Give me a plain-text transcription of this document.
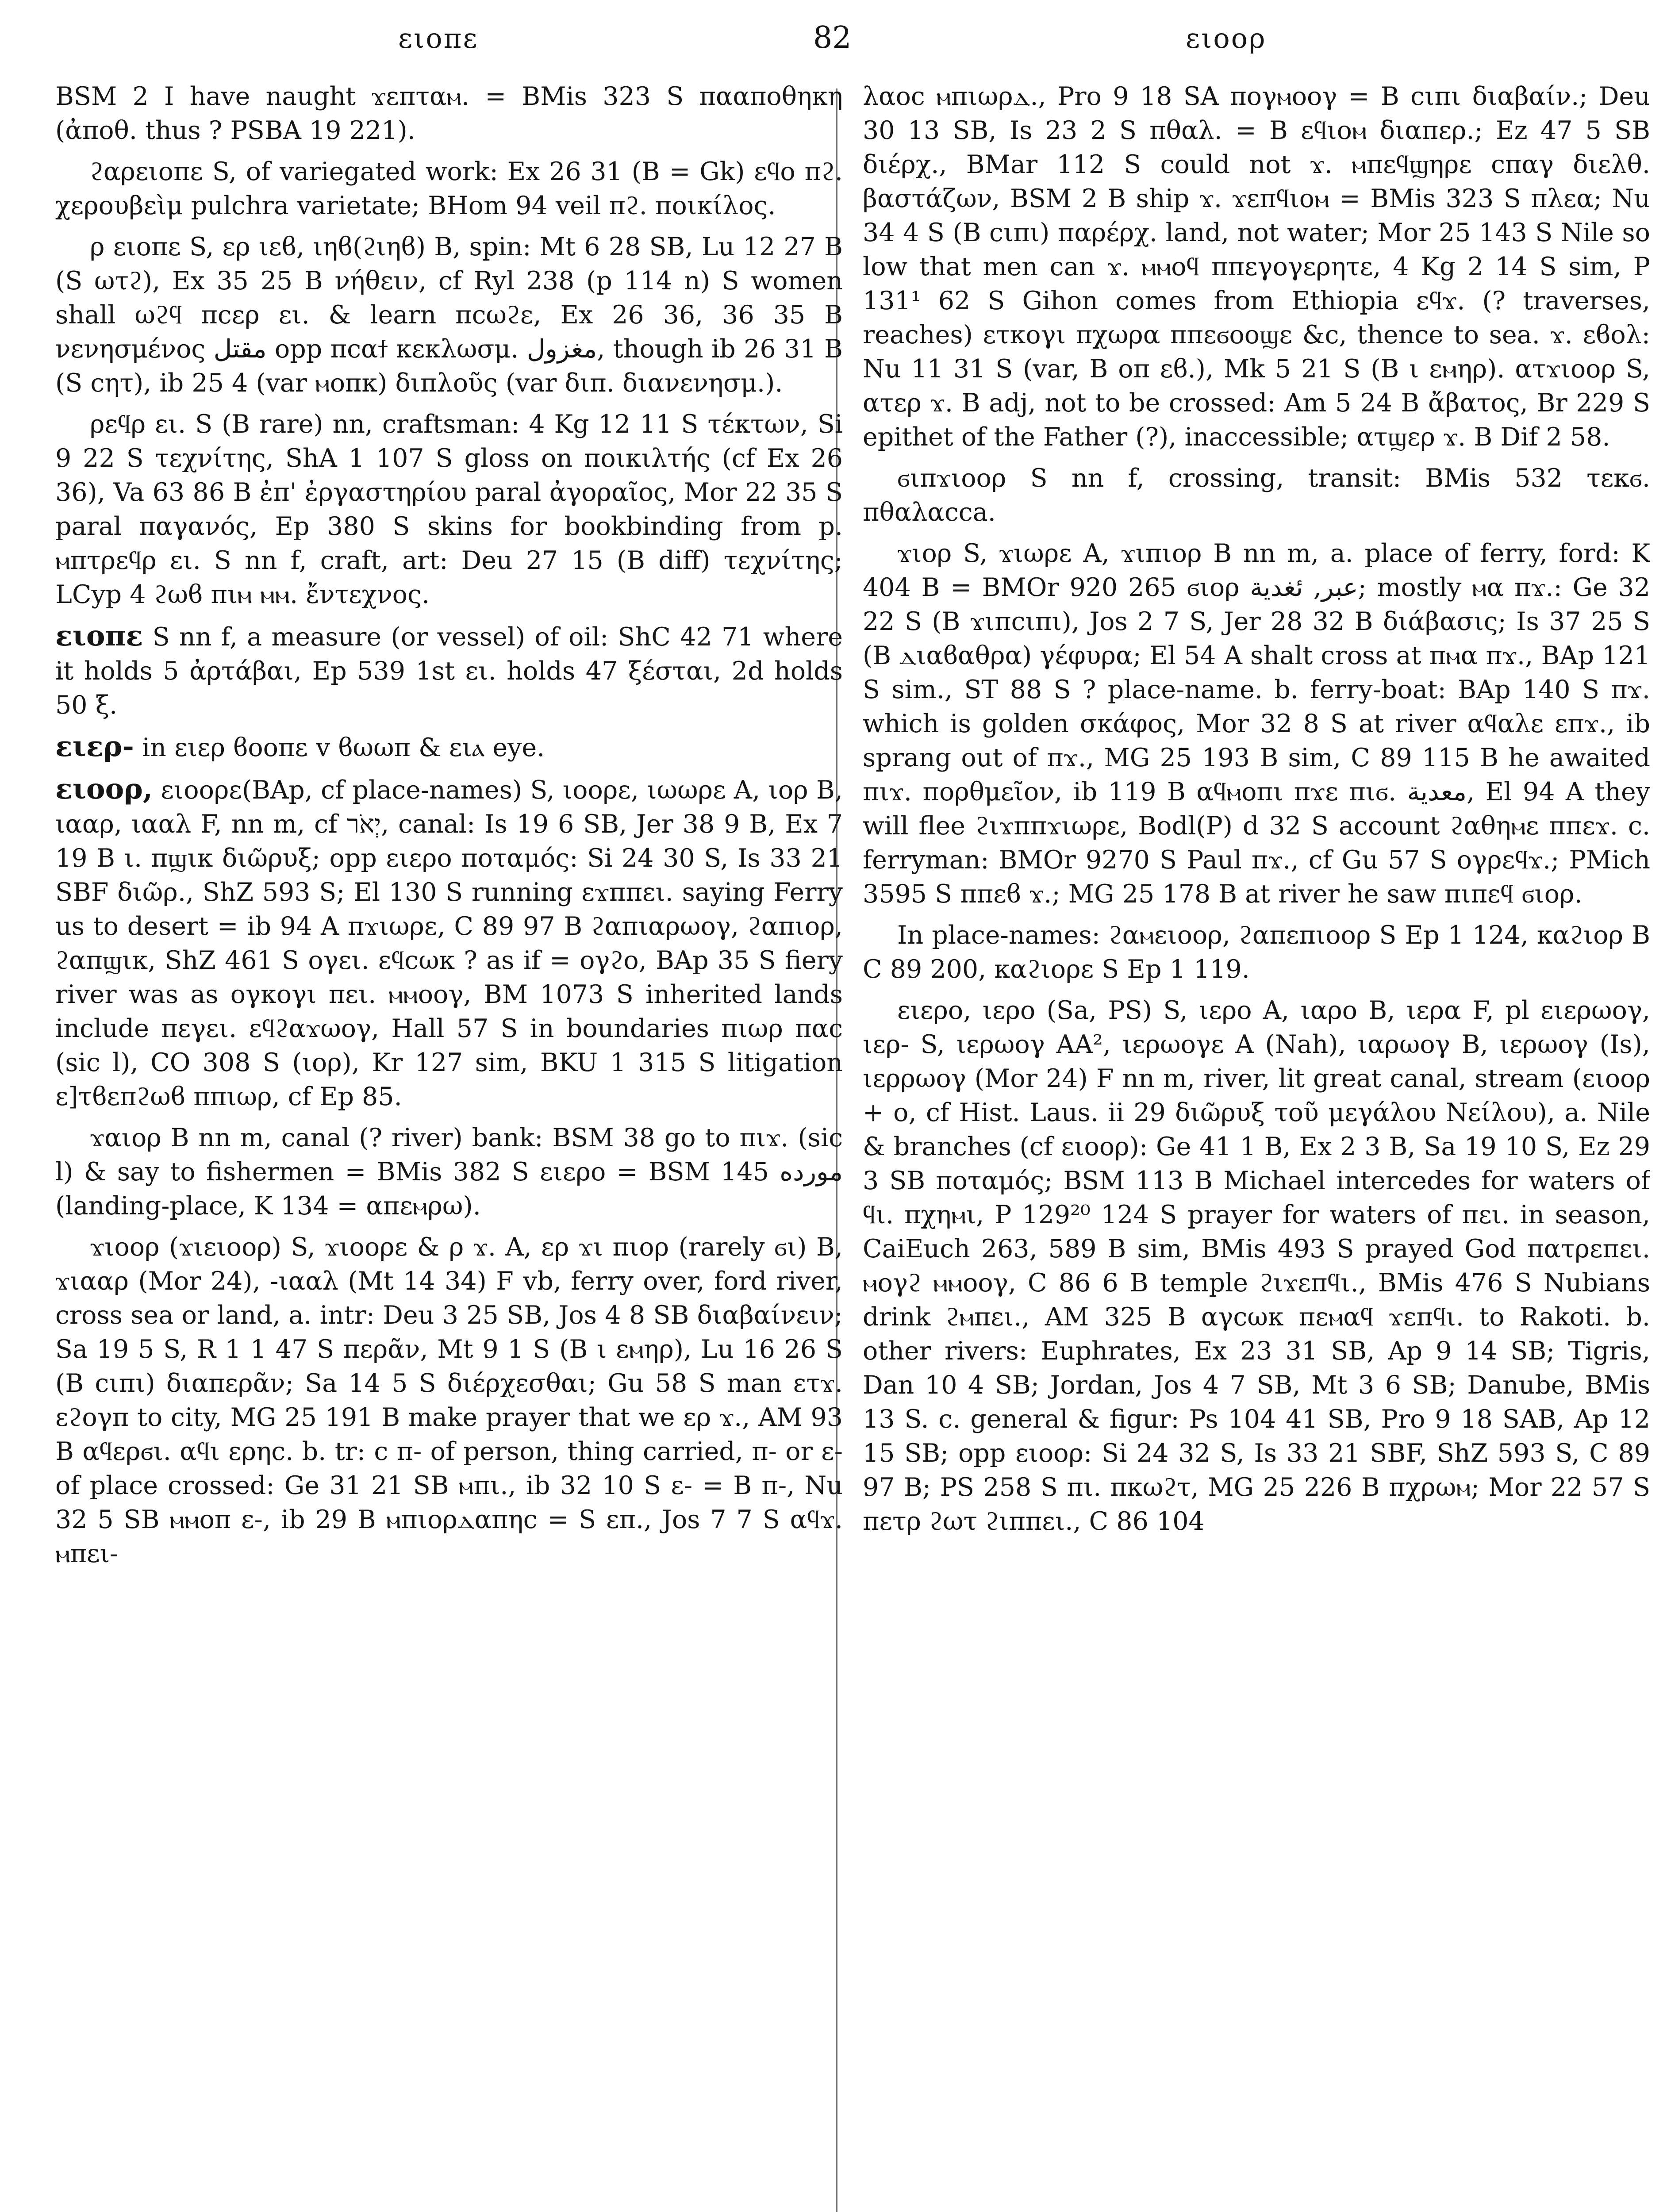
ειοπε	82	ειοορ

BSM 2 I have naught ϫεπταⲙ. = BMis 323 S πααποθηκη (ἀποθ. thus ? PSBA 19 221).

ϩαρειοπε S, of variegated work: Ex 26 31 (B = Gk) εϥο πϩ. χερουβεὶμ pulchra varietate; BHom 94 veil πϩ. ποικίλος.

ρ ειοπε S, ερ ιεϐ, ιηϐ(ϩιηϐ) B, spin: Mt 6 28 SB, Lu 12 27 B (S ωτϩ), Ex 35 25 B νήθειν, cf Ryl 238 (p 114 n) S women shall ωϩϥ πcερ ει. & learn πcωϩε, Ex 26 36, 36 35 B νενησμένος مقتل opp πcαϯ κεκλωσμ. مغزول, though ib 26 31 B (S cητ), ib 25 4 (var ⲙοπκ) διπλοῦς (var διπ. διανενησμ.).

ρεϥρ ει. S (B rare) nn, craftsman: 4 Kg 12 11 S τέκτων, Si 9 22 S τεχνίτης, ShA 1 107 S gloss on ποικιλτής (cf Ex 26 36), Va 63 86 B ἐπ' ἐργαστηρίου paral ἀγοραῖος, Mor 22 35 S paral παγανός, Ep 380 S skins for bookbinding from p. ⲙπτρεϥρ ει. S nn f, craft, art: Deu 27 15 (B diff) τεχνίτης; LCyp 4 ϩωϐ πιⲙ ⲙⲙ. ἔντεχνος.

ειοπε S nn f, a measure (or vessel) of oil: ShC 42 71 where it holds 5 ἀρτάβαι, Ep 539 1st ει. holds 47 ξέσται, 2d holds 50 ξ.

ειερ- in ειερ ϐοοπε v ϐωωπ & ειⲁ eye.

ειοορ, ειοορε(BAp, cf place-names) S, ιοορε, ιωωρε A, ιορ B, ιααρ, ιααλ F, nn m, cf יְאֹר, canal: Is 19 6 SB, Jer 38 9 B, Ex 7 19 B ι. πϣικ διῶρυξ; opp ειερο ποταμός: Si 24 30 S, Is 33 21 SBF διῶρ., ShZ 593 S; El 130 S running εϫππει. saying Ferry us to desert = ib 94 A πϫιωρε, C 89 97 B ϩαπιαρωογ, ϩαπιορ, ϩαπϣικ, ShZ 461 S ογει. εϥcωκ ? as if = ογϩο, BAp 35 S fiery river was as ογκογι πει. ⲙⲙοογ, BM 1073 S inherited lands include πεγει. εϥϩαϫωογ, Hall 57 S in boundaries πιωρ παc (sic l), CO 308 S (ιορ), Kr 127 sim, BKU 1 315 S litigation ε]τϐεπϩωϐ ππιωρ, cf Ep 85.

ϫαιορ B nn m, canal (? river) bank: BSM 38 go to πιϫ. (sic l) & say to fishermen = BMis 382 S ειερο = BSM 145 مورده (landing-place, K 134 = απεⲙρω).

ϫιοορ (ϫιειοορ) S, ϫιοορε & ρ ϫ. A, ερ ϫι πιορ (rarely ϭι) B, ϫιααρ (Mor 24), -ιααλ (Mt 14 34) F vb, ferry over, ford river, cross sea or land, a. intr: Deu 3 25 SB, Jos 4 8 SB διαβαίνειν; Sa 19 5 S, R 1 1 47 S περᾶν, Mt 9 1 S (B ι εⲙηρ), Lu 16 26 S (B cιπι) διαπερᾶν; Sa 14 5 S διέρχεσθαι; Gu 58 S man ετϫ. εϩογπ to city, MG 25 191 B make prayer that we ερ ϫ., AM 93 B αϥερϭι. αϥι ερηc. b. tr: c π- of person, thing carried, π- or ε- of place crossed: Ge 31 21 SB ⲙπι., ib 32 10 S ε- = B π-, Nu 32 5 SB ⲙⲙοπ ε-, ib 29 B ⲙπιορⲇαπηc = S επ., Jos 7 7 S αϥϫ. ⲙπει-

λαοc ⲙπιωρⲇ., Pro 9 18 SA πογⲙοογ = B cιπι διαβαίν.; Deu 30 13 SB, Is 23 2 S πθαλ. = B εϥιοⲙ διαπερ.; Ez 47 5 SB διέρχ., BMar 112 S could not ϫ. ⲙπεϥϣηρε cπαγ διελθ. βαστάζων, BSM 2 B ship ϫ. ϫεπϥιοⲙ = BMis 323 S πλεα; Nu 34 4 S (B cιπι) παρέρχ. land, not water; Mor 25 143 S Nile so low that men can ϫ. ⲙⲙοϥ ππεγογερητε, 4 Kg 2 14 S sim, P 131¹ 62 S Gihon comes from Ethiopia εϥϫ. (? traverses, reaches) ετκογι πχωρα ππεϭοοϣε &c, thence to sea. ϫ. εϐολ: Nu 11 31 S (var, B οπ εϐ.), Mk 5 21 S (B ι εⲙηρ). ατϫιοορ S, ατερ ϫ. B adj, not to be crossed: Am 5 24 B ἄβατος, Br 229 S epithet of the Father (?), inaccessible; ατϣερ ϫ. B Dif 2 58.

ϭιπϫιοορ S nn f, crossing, transit: BMis 532 τεκϭ. πθαλαcca.

ϫιορ S, ϫιωρε A, ϫιπιορ B nn m, a. place of ferry, ford: K 404 B = BMOr 920 265 ϭιορ عبر, ئغدية; mostly ⲙα πϫ.: Ge 32 22 S (B ϫιπcιπι), Jos 2 7 S, Jer 28 32 B διάβασις; Is 37 25 S (B ⲇιαϐαθρα) γέφυρα; El 54 A shalt cross at πⲙα πϫ., BAp 121 S sim., ST 88 S ? place-name. b. ferry-boat: BAp 140 S πϫ. which is golden σκάφος, Mor 32 8 S at river αϥαλε επϫ., ib sprang out of πϫ., MG 25 193 B sim, C 89 115 B he awaited πιϫ. πορθμεῖον, ib 119 B αϥⲙοπι πϫε πιϭ. معدية, El 94 A they will flee ϩιϫππϫιωρε, Bodl(P) d 32 S account ϩαθηⲙε ππεϫ. c. ferryman: BMOr 9270 S Paul πϫ., cf Gu 57 S ογρεϥϫ.; PMich 3595 S ππεϐ ϫ.; MG 25 178 B at river he saw πιπεϥ ϭιορ.

In place-names: ϩαⲙειοορ, ϩαπεπιοορ S Ep 1 124, καϩιορ B C 89 200, καϩιορε S Ep 1 119.

ειερο, ιερο (Sa, PS) S, ιερο A, ιαρο B, ιερα F, pl ειερωογ, ιερ- S, ιερωογ AA², ιερωογε A (Nah), ιαρωογ B, ιερωογ (Is), ιερρωογ (Mor 24) F nn m, river, lit great canal, stream (ειοορ + ο, cf Hist. Laus. ii 29 διῶρυξ τοῦ μεγάλου Νείλου), a. Nile & branches (cf ειοορ): Ge 41 1 B, Ex 2 3 B, Sa 19 10 S, Ez 29 3 SB ποταμός; BSM 113 B Michael intercedes for waters of ϥι. πχηⲙι, P 129²⁰ 124 S prayer for waters of πει. in season, CaiEuch 263, 589 B sim, BMis 493 S prayed God πατρεπει. ⲙογϩ ⲙⲙοογ, C 86 6 B temple ϩιϫεπϥι., BMis 476 S Nubians drink ϩⲙπει., AM 325 B αγcωκ πεⲙαϥ ϫεπϥι. to Rakoti. b. other rivers: Euphrates, Ex 23 31 SB, Ap 9 14 SB; Tigris, Dan 10 4 SB; Jordan, Jos 4 7 SB, Mt 3 6 SB; Danube, BMis 13 S. c. general & figur: Ps 104 41 SB, Pro 9 18 SAB, Ap 12 15 SB; opp ειοορ: Si 24 32 S, Is 33 21 SBF, ShZ 593 S, C 89 97 B; PS 258 S πι. πκωϩτ, MG 25 226 B πχρωⲙ; Mor 22 57 S πετρ ϩωτ ϩιππει., C 86 104
